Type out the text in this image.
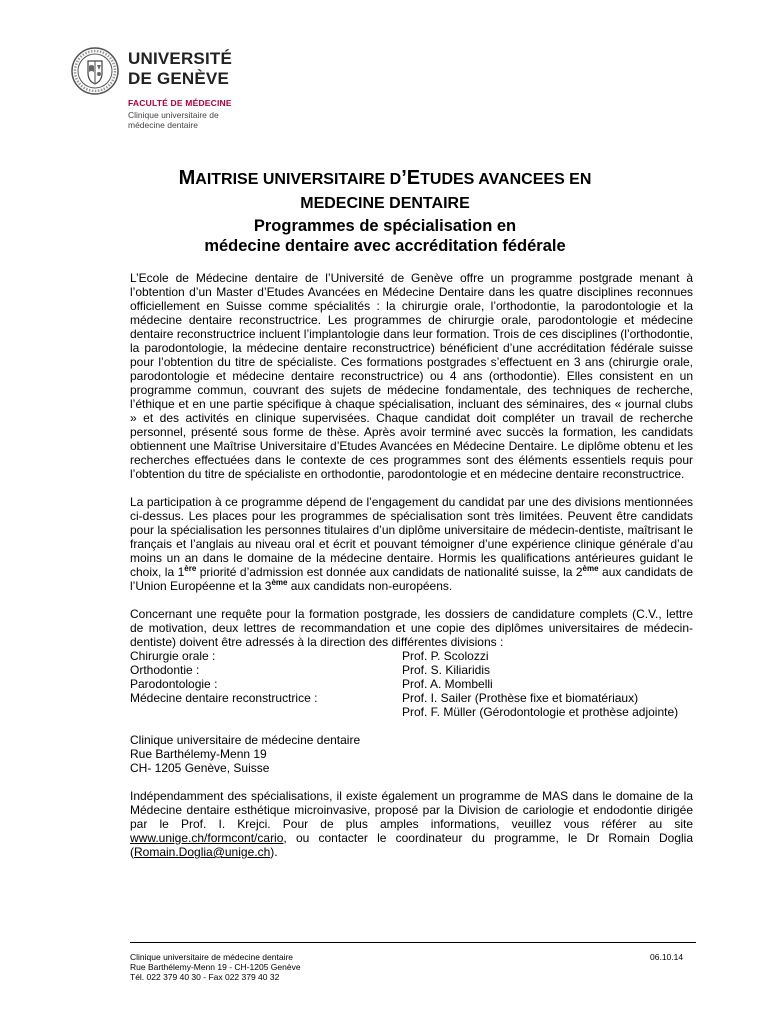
UNIVERSITÉ
DE GENÈVE
FACULTÉ DE MÉDECINE
Clinique universitaire de
médecine dentaire
MAITRISE UNIVERSITAIRE D’ETUDES AVANCEES EN
MEDECINE DENTAIRE
Programmes de spécialisation en
médecine dentaire avec accréditation fédérale

L’Ecole de Médecine dentaire de l’Université de Genève offre un programme postgrade menant à l’obtention d’un Master d’Etudes Avancées en Médecine Dentaire dans les quatre disciplines reconnues officiellement en Suisse comme spécialités : la chirurgie orale, l’orthodontie, la parodontologie et la médecine dentaire reconstructrice. Les programmes de chirurgie orale, parodontologie et médecine dentaire reconstructrice incluent l’implantologie dans leur formation. Trois de ces disciplines (l’orthodontie, la parodontologie, la médecine dentaire reconstructrice) bénéficient d’une accréditation fédérale suisse pour l’obtention du titre de spécialiste. Ces formations postgrades s’effectuent en 3 ans (chirurgie orale, parodontologie et médecine dentaire reconstructrice) ou 4 ans (orthodontie). Elles consistent en un programme commun, couvrant des sujets de médecine fondamentale, des techniques de recherche, l’éthique et en une partie spécifique à chaque spécialisation, incluant des séminaires, des « journal clubs » et des activités en clinique supervisées. Chaque candidat doit compléter un travail de recherche personnel, présenté sous forme de thèse. Après avoir terminé avec succès la formation, les candidats obtiennent une Maîtrise Universitaire d’Etudes Avancées en Médecine Dentaire. Le diplôme obtenu et les recherches effectuées dans le contexte de ces programmes sont des éléments essentiels requis pour l’obtention du titre de spécialiste en orthodontie, parodontologie et en médecine dentaire reconstructrice.

La participation à ce programme dépend de l’engagement du candidat par une des divisions mentionnées ci-dessus. Les places pour les programmes de spécialisation sont très limitées. Peuvent être candidats pour la spécialisation les personnes titulaires d’un diplôme universitaire de médecin-dentiste, maîtrisant le français et l’anglais au niveau oral et écrit et pouvant témoigner d’une expérience clinique générale d’au moins un an dans le domaine de la médecine dentaire. Hormis les qualifications antérieures guidant le choix, la 1ère priorité d’admission est donnée aux candidats de nationalité suisse, la 2ème aux candidats de l’Union Européenne et la 3ème aux candidats non-européens.

Concernant une requête pour la formation postgrade, les dossiers de candidature complets (C.V., lettre de motivation, deux lettres de recommandation et une copie des diplômes universitaires de médecin-dentiste) doivent être adressés à la direction des différentes divisions :

Chirurgie orale :	Prof. P. Scolozzi
Orthodontie :	Prof. S. Kiliaridis
Parodontologie :	Prof. A. Mombelli
Médecine dentaire reconstructrice :	Prof. I. Sailer (Prothèse fixe et biomatériaux)
	Prof. F. Müller (Gérodontologie et prothèse adjointe)

Clinique universitaire de médecine dentaire

Rue Barthélemy-Menn 19

CH- 1205 Genève, Suisse

Indépendamment des spécialisations, il existe également un programme de MAS dans le domaine de la Médecine dentaire esthétique microinvasive, proposé par la Division de cariologie et endodontie dirigée par le Prof. I. Krejci. Pour de plus amples informations, veuillez vous référer au site www.unige.ch/formcont/cario, ou contacter le coordinateur du programme, le Dr Romain Doglia (Romain.Doglia@unige.ch).

Clinique universitaire de médecine dentaire
Rue Barthélemy-Menn 19 - CH-1205 Genève
Tél. 022 379 40 30 - Fax 022 379 40 32
06.10.14
